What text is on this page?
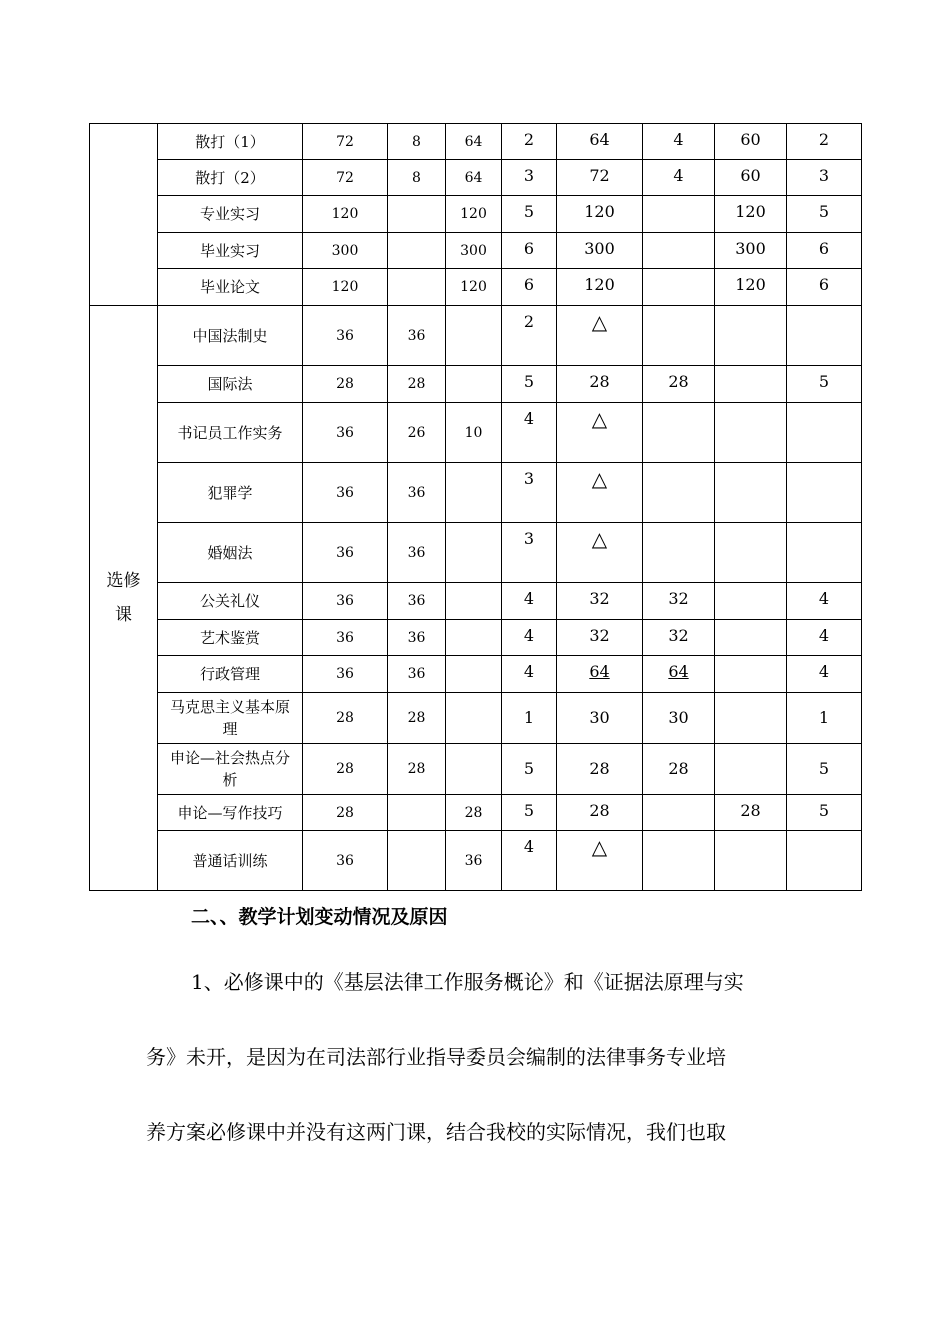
	散打（1）	72	8	64	2	64	4	60	2
	散打（2）	72	8	64	3	72	4	60	3
	专业实习	120		120	5	120		120	5
	毕业实习	300		300	6	300		300	6
	毕业论文	120		120	6	120		120	6
选修课	中国法制史	36	36		2	△			
	国际法	28	28		5	28	28		5
	书记员工作实务	36	26	10	4	△			
	犯罪学	36	36		3	△			
	婚姻法	36	36		3	△			
	公关礼仪	36	36		4	32	32		4
	艺术鉴赏	36	36		4	32	32		4
	行政管理	36	36		4	64	64		4
	马克思主义基本原理	28	28		1	30	30		1
	申论—社会热点分析	28	28		5	28	28		5
	申论—写作技巧	28		28	5	28		28	5
	普通话训练	36		36	4	△			
二、、教学计划变动情况及原因
1、必修课中的《基层法律工作服务概论》和《证据法原理与实
务》未开，是因为在司法部行业指导委员会编制的法律事务专业培
养方案必修课中并没有这两门课，结合我校的实际情况，我们也取
